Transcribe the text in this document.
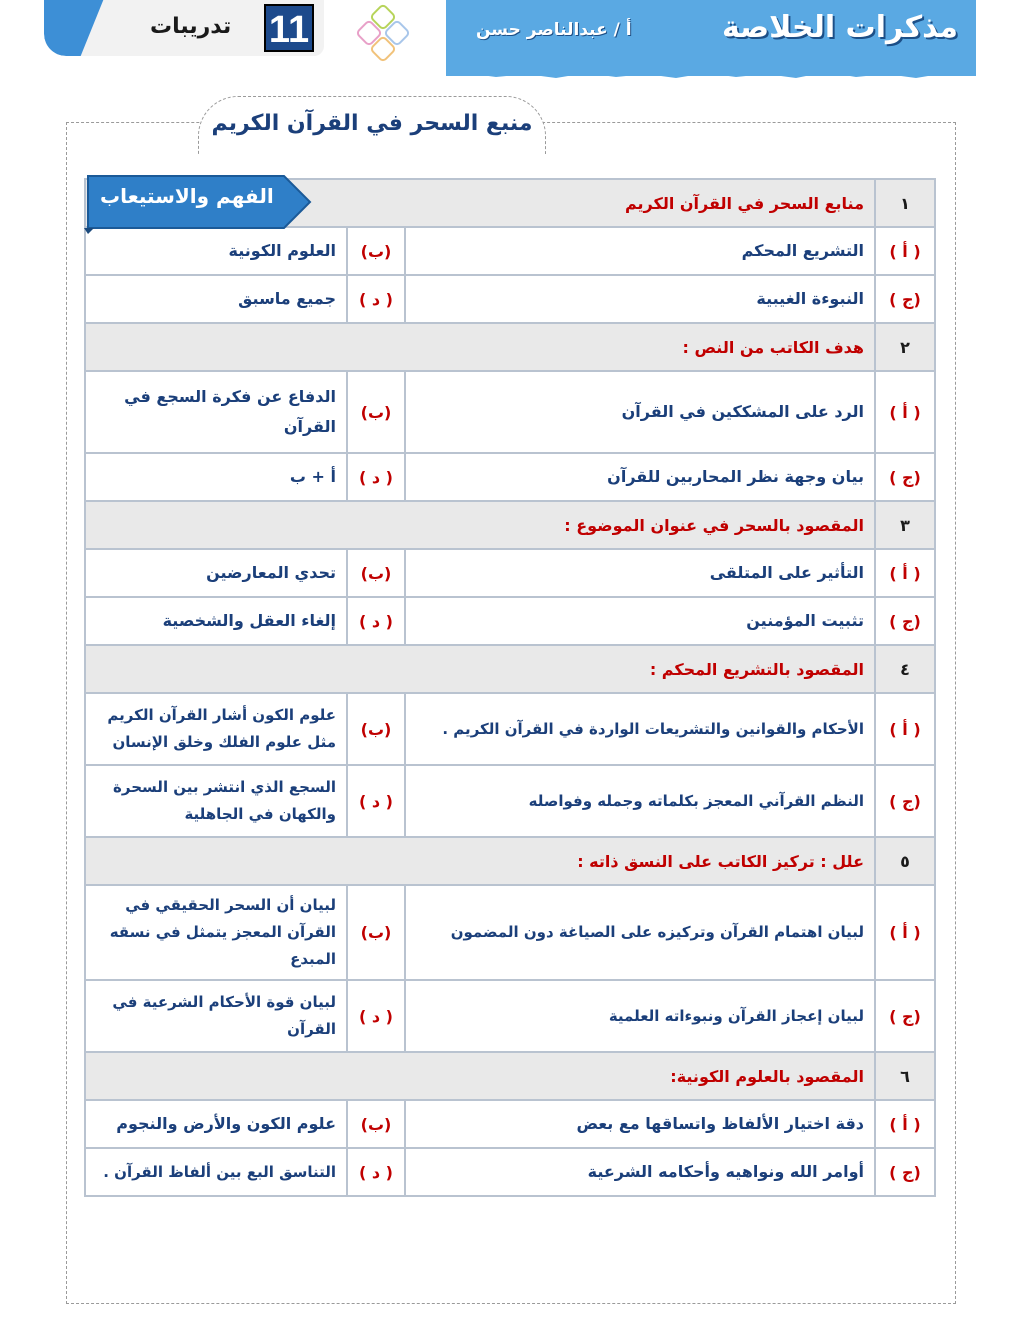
تدريبات 11	أ / عبدالناصر حسن	مذكرات الخلاصة
منبع السحر في القرآن الكريم
١	منابع السحر في القرآن الكريم		
( أ )	التشريع المحكم	(ب)	العلوم الكونية
(ج )	النبوءة الغيبية	( د )	جميع ماسبق
٢	هدف الكاتب من النص :		
( أ )	الرد على المشككين في القرآن	(ب)	الدفاع عن فكرة السجع في القرآن
(ج )	بيان وجهة نظر المحاربين للقرآن	( د )	أ + ب
٣	المقصود بالسحر في عنوان الموضوع :		
( أ )	التأثير على المتلقى	(ب)	تحدي المعارضين
(ج )	تثبيت المؤمنين	( د )	إلغاء العقل والشخصية
٤	المقصود بالتشريع المحكم :		
( أ )	الأحكام والقوانين والتشريعات الواردة في القرآن الكريم .	(ب)	علوم الكون أشار القرآن الكريم مثل علوم الفلك وخلق الإنسان
(ج )	النظم القرآني المعجز بكلماته وجمله وفواصله	( د )	السجع الذي انتشر بين السحرة والكهان في الجاهلية
٥	علل : تركيز الكاتب على النسق ذاته :		
( أ )	لبيان اهتمام القرآن وتركيزه على الصياغة دون المضمون	(ب)	لبيان أن السحر الحقيقي في القرآن المعجز يتمثل في نسقه المبدع
(ج )	لبيان إعجاز القرآن ونبوءاته العلمية	( د )	لبيان قوة الأحكام الشرعية في القرآن
٦	المقصود بالعلوم الكونية:		
( أ )	دقة اختيار الألفاظ واتساقها مع بعض	(ب)	علوم الكون والأرض والنجوم
(ج )	أوامر الله ونواهيه وأحكامه الشرعية	( د )	التناسق البع بين ألفاظ القرآن .
الفهم والاستيعاب
